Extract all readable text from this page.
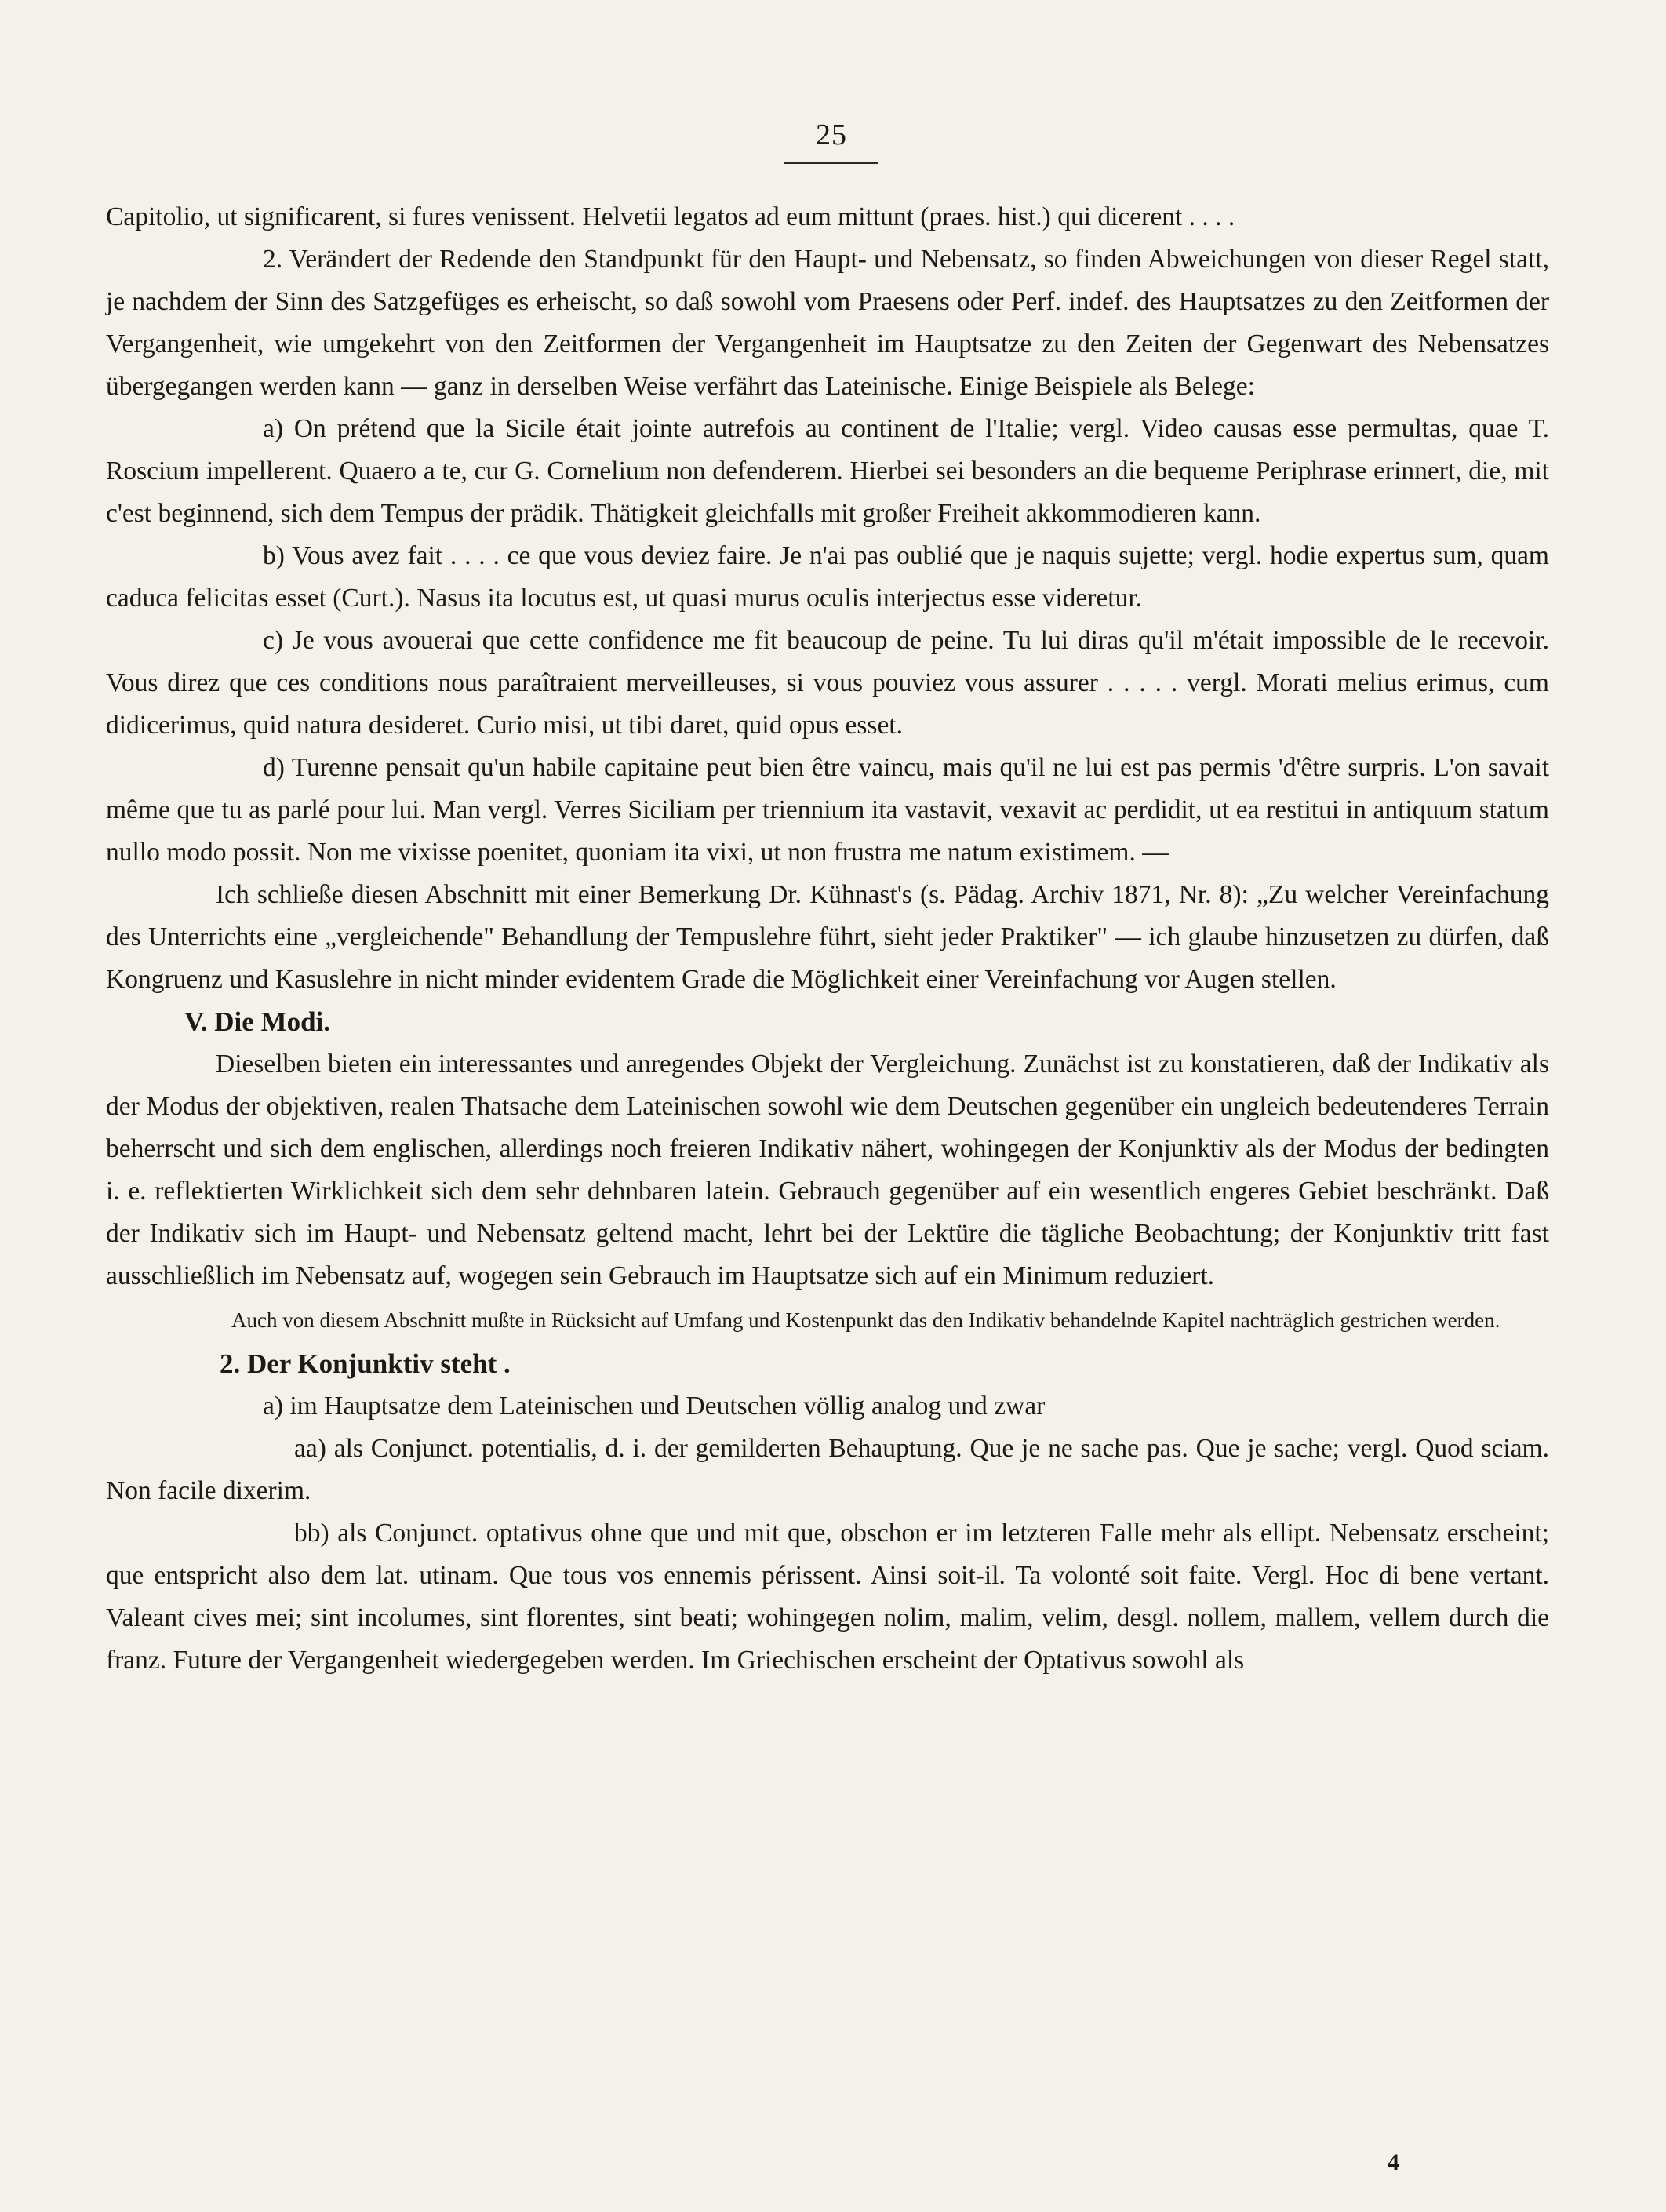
25

Capitolio, ut significarent, si fures venissent. Helvetii legatos ad eum mittunt (praes. hist.) qui dicerent . . . .

2. Verändert der Redende den Standpunkt für den Haupt- und Nebensatz, so finden Abweichungen von dieser Regel statt, je nachdem der Sinn des Satzgefüges es erheischt, so daß sowohl vom Praesens oder Perf. indef. des Hauptsatzes zu den Zeitformen der Vergangenheit, wie umgekehrt von den Zeitformen der Vergangenheit im Hauptsatze zu den Zeiten der Gegenwart des Nebensatzes übergegangen werden kann — ganz in derselben Weise verfährt das Lateinische. Einige Beispiele als Belege:

a) On prétend que la Sicile était jointe autrefois au continent de l'Italie; vergl. Video causas esse permultas, quae T. Roscium impellerent. Quaero a te, cur G. Cornelium non defenderem. Hierbei sei besonders an die bequeme Periphrase erinnert, die, mit c'est beginnend, sich dem Tempus der prädik. Thätigkeit gleichfalls mit großer Freiheit akkommodieren kann.

b) Vous avez fait . . . . ce que vous deviez faire. Je n'ai pas oublié que je naquis sujette; vergl. hodie expertus sum, quam caduca felicitas esset (Curt.). Nasus ita locutus est, ut quasi murus oculis interjectus esse videretur.

c) Je vous avouerai que cette confidence me fit beaucoup de peine. Tu lui diras qu'il m'était impossible de le recevoir. Vous direz que ces conditions nous paraîtraient merveilleuses, si vous pouviez vous assurer . . . . . vergl. Morati melius erimus, cum didicerimus, quid natura desideret. Curio misi, ut tibi daret, quid opus esset.

d) Turenne pensait qu'un habile capitaine peut bien être vaincu, mais qu'il ne lui est pas permis 'd'être surpris. L'on savait même que tu as parlé pour lui. Man vergl. Verres Siciliam per triennium ita vastavit, vexavit ac perdidit, ut ea restitui in antiquum statum nullo modo possit. Non me vixisse poenitet, quoniam ita vixi, ut non frustra me natum existimem. —

Ich schließe diesen Abschnitt mit einer Bemerkung Dr. Kühnast's (s. Pädag. Archiv 1871, Nr. 8): „Zu welcher Vereinfachung des Unterrichts eine „vergleichende" Behandlung der Tempuslehre führt, sieht jeder Praktiker" — ich glaube hinzusetzen zu dürfen, daß Kongruenz und Kasuslehre in nicht minder evidentem Grade die Möglichkeit einer Vereinfachung vor Augen stellen.

V. Die Modi.

Dieselben bieten ein interessantes und anregendes Objekt der Vergleichung. Zunächst ist zu konstatieren, daß der Indikativ als der Modus der objektiven, realen Thatsache dem Lateinischen sowohl wie dem Deutschen gegenüber ein ungleich bedeutenderes Terrain beherrscht und sich dem englischen, allerdings noch freieren Indikativ nähert, wohingegen der Konjunktiv als der Modus der bedingten i. e. reflektierten Wirklichkeit sich dem sehr dehnbaren latein. Gebrauch gegenüber auf ein wesentlich engeres Gebiet beschränkt. Daß der Indikativ sich im Haupt- und Nebensatz geltend macht, lehrt bei der Lektüre die tägliche Beobachtung; der Konjunktiv tritt fast ausschließlich im Nebensatz auf, wogegen sein Gebrauch im Hauptsatze sich auf ein Minimum reduziert.

Auch von diesem Abschnitt mußte in Rücksicht auf Umfang und Kostenpunkt das den Indikativ behandelnde Kapitel nachträglich gestrichen werden.

2. Der Konjunktiv steht .

a) im Hauptsatze dem Lateinischen und Deutschen völlig analog und zwar

aa) als Conjunct. potentialis, d. i. der gemilderten Behauptung. Que je ne sache pas. Que je sache; vergl. Quod sciam. Non facile dixerim.

bb) als Conjunct. optativus ohne que und mit que, obschon er im letzteren Falle mehr als ellipt. Nebensatz erscheint; que entspricht also dem lat. utinam. Que tous vos ennemis périssent. Ainsi soit-il. Ta volonté soit faite. Vergl. Hoc di bene vertant. Valeant cives mei; sint incolumes, sint florentes, sint beati; wohingegen nolim, malim, velim, desgl. nollem, mallem, vellem durch die franz. Future der Vergangenheit wiedergegeben werden. Im Griechischen erscheint der Optativus sowohl als

4
